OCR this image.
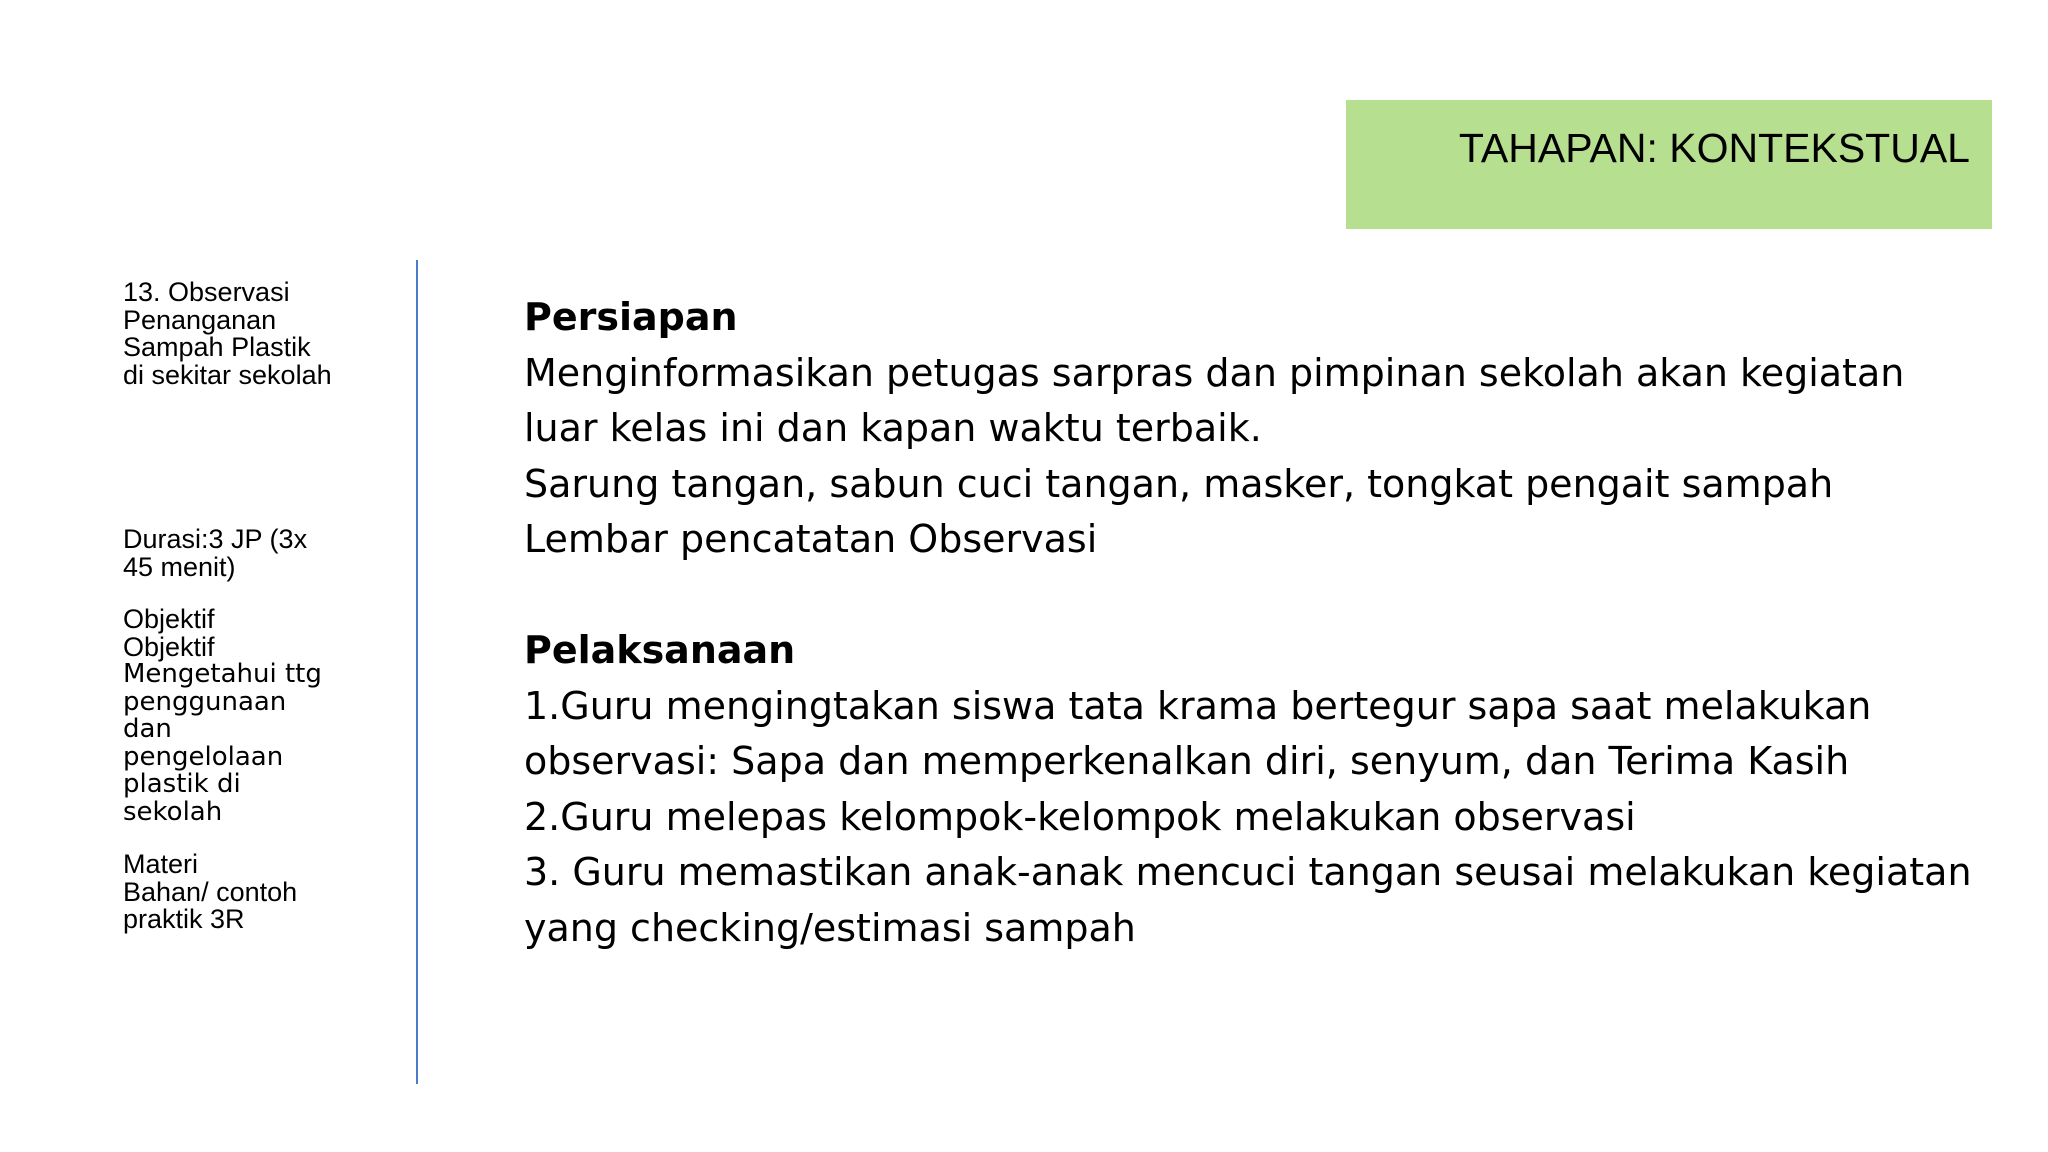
TAHAPAN: KONTEKSTUAL
13. Observasi
Penanganan
Sampah Plastik
di sekitar sekolah
Durasi:3 JP (3x
45 menit)
Objektif
Objektif
Mengetahui ttg
penggunaan
dan
pengelolaan
plastik di
sekolah
Materi
Bahan/ contoh
praktik 3R
Persiapan
Menginformasikan petugas sarpras dan pimpinan sekolah akan kegiatan
luar kelas ini dan kapan waktu terbaik.
Sarung tangan, sabun cuci tangan, masker, tongkat pengait sampah
Lembar pencatatan Observasi
Pelaksanaan
1.Guru mengingtakan siswa tata krama bertegur sapa saat melakukan
observasi: Sapa dan memperkenalkan diri, senyum, dan Terima Kasih
2.Guru melepas kelompok-kelompok melakukan observasi
3. Guru memastikan anak-anak mencuci tangan seusai melakukan kegiatan
yang checking/estimasi sampah
